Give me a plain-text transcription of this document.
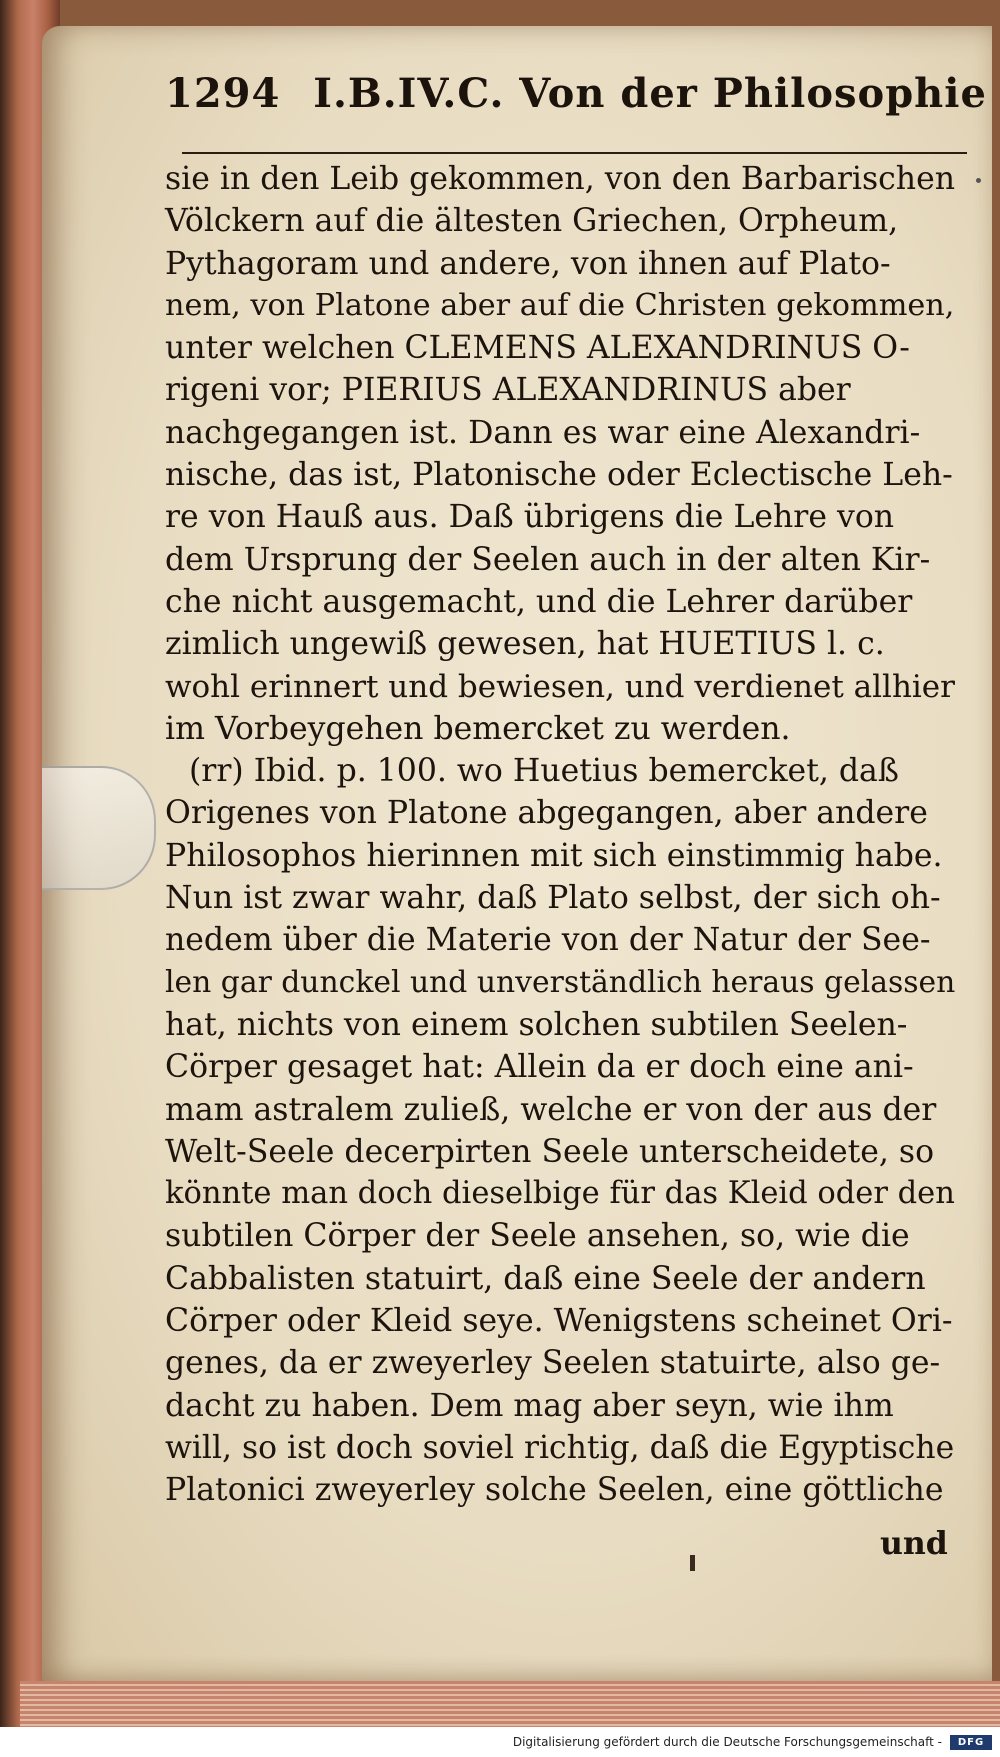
1294 I.B.IV.C. Von der Philosophie
sie in den Leib gekommen, von den Barbarischen
Völckern auf die ältesten Griechen, Orpheum,
Pythagoram und andere, von ihnen auf Plato-
nem, von Platone aber auf die Christen gekommen,
unter welchen CLEMENS ALEXANDRINUS O-
rigeni vor; PIERIUS ALEXANDRINUS aber
nachgegangen ist. Dann es war eine Alexandri-
nische, das ist, Platonische oder Eclectische Leh-
re von Hauß aus. Daß übrigens die Lehre von
dem Ursprung der Seelen auch in der alten Kir-
che nicht ausgemacht, und die Lehrer darüber
zimlich ungewiß gewesen, hat HUETIUS l. c.
wohl erinnert und bewiesen, und verdienet allhier
im Vorbeygehen bemercket zu werden.
(rr) Ibid. p. 100. wo Huetius bemercket, daß
Origenes von Platone abgegangen, aber andere
Philosophos hierinnen mit sich einstimmig habe.
Nun ist zwar wahr, daß Plato selbst, der sich oh-
nedem über die Materie von der Natur der See-
len gar dunckel und unverständlich heraus gelassen
hat, nichts von einem solchen subtilen Seelen-
Cörper gesaget hat: Allein da er doch eine ani-
mam astralem zuließ, welche er von der aus der
Welt-Seele decerpirten Seele unterscheidete, so
könnte man doch dieselbige für das Kleid oder den
subtilen Cörper der Seele ansehen, so, wie die
Cabbalisten statuirt, daß eine Seele der andern
Cörper oder Kleid seye. Wenigstens scheinet Ori-
genes, da er zweyerley Seelen statuirte, also ge-
dacht zu haben. Dem mag aber seyn, wie ihm
will, so ist doch soviel richtig, daß die Egyptische
Platonici zweyerley solche Seelen, eine göttliche
und
Digitalisierung gefördert durch die Deutsche Forschungsgemeinschaft -	DFG
